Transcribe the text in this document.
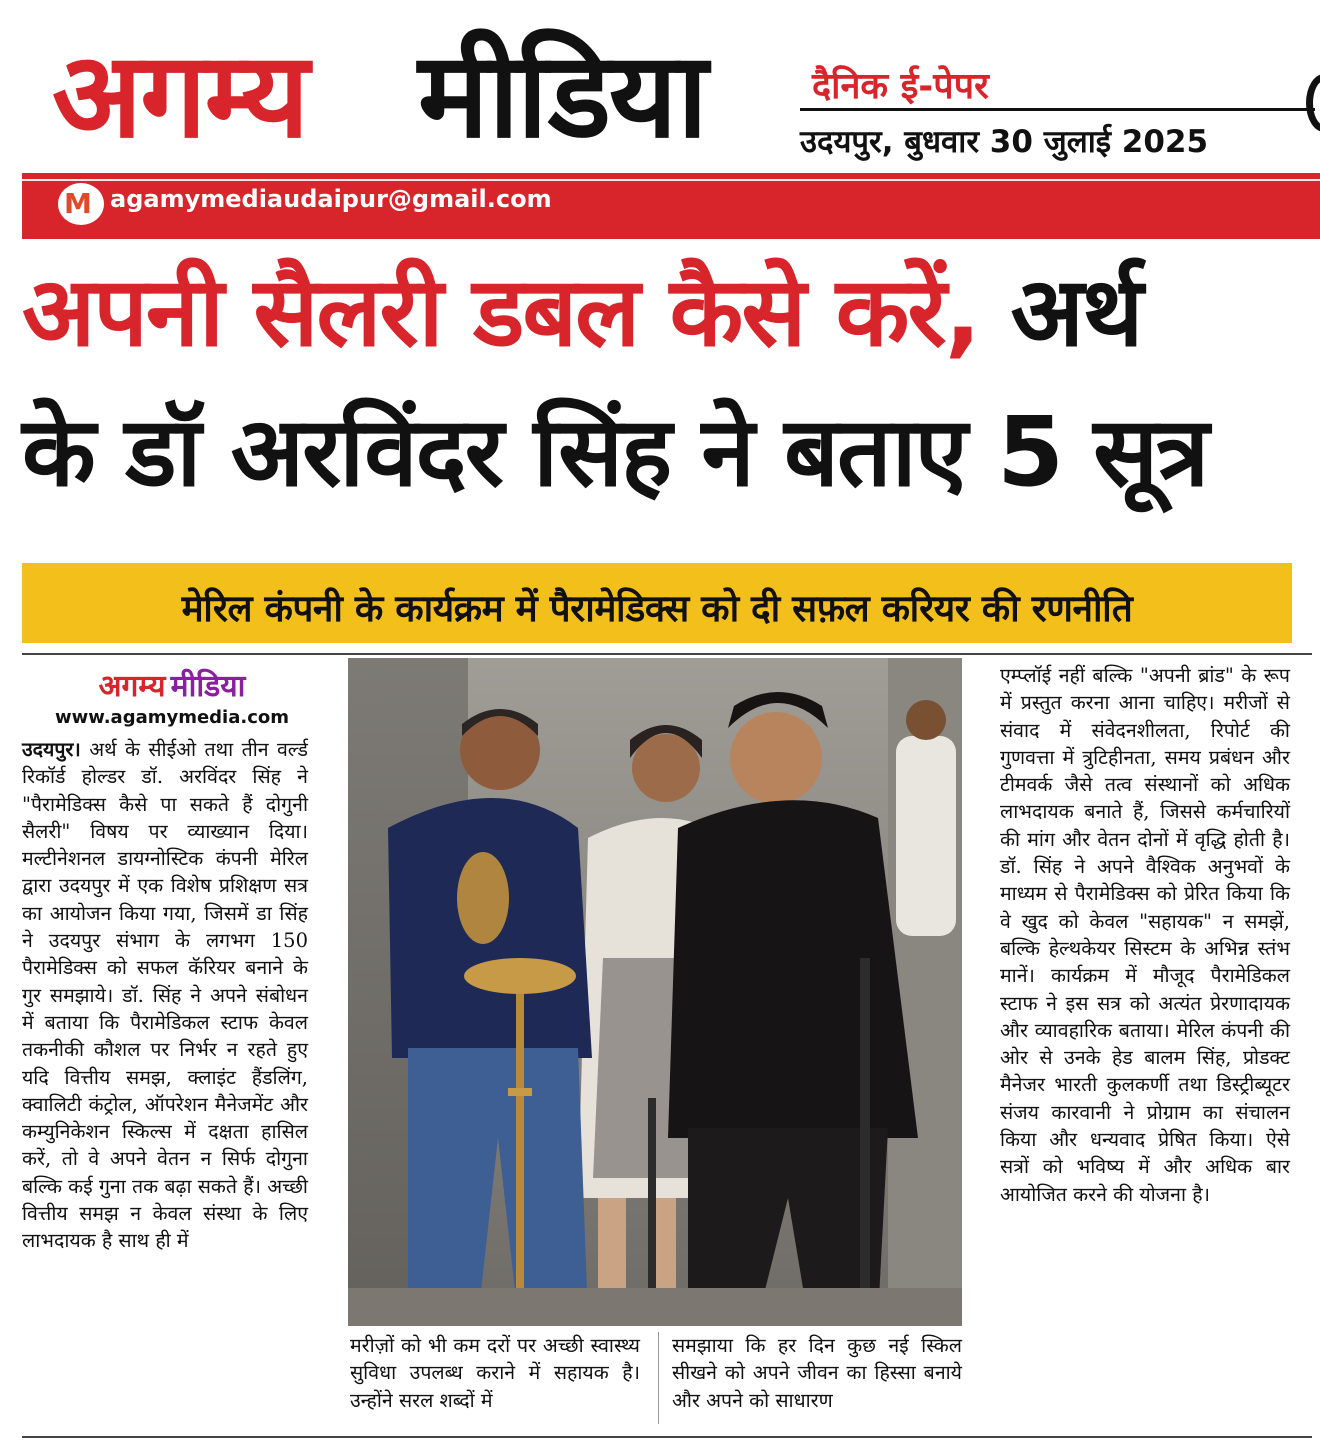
अगम्य मीडिया	दैनिक ई-पेपर
उदयपुर, बुधवार 30 जुलाई 2025
M agamymediaudaipur@gmail.com
अपनी सैलरी डबल कैसे करें, अर्थ
के डॉ अरविंदर सिंह ने बताए 5 सूत्र
मेरिल कंपनी के कार्यक्रम में पैरामेडिक्स को दी सफ़ल करियर की रणनीति
अगम्य मीडिया
www.agamymedia.com
उदयपुर। अर्थ के सीईओ तथा तीन वर्ल्ड रिकॉर्ड होल्डर डॉ. अरविंदर सिंह ने "पैरामेडिक्स कैसे पा सकते हैं दोगुनी सैलरी" विषय पर व्याख्यान दिया। मल्टीनेशनल डायग्नोस्टिक कंपनी मेरिल द्वारा उदयपुर में एक विशेष प्रशिक्षण सत्र का आयोजन किया गया, जिसमें डा सिंह ने उदयपुर संभाग के लगभग 150 पैरामेडिक्स को सफल कॅरियर बनाने के गुर समझाये। डॉ. सिंह ने अपने संबोधन में बताया कि पैरामेडिकल स्टाफ केवल तकनीकी कौशल पर निर्भर न रहते हुए यदि वित्तीय समझ, क्लाइंट हैंडलिंग, क्वालिटी कंट्रोल, ऑपरेशन मैनेजमेंट और कम्युनिकेशन स्किल्स में दक्षता हासिल करें, तो वे अपने वेतन न सिर्फ दोगुना बल्कि कई गुना तक बढ़ा सकते हैं। अच्छी वित्तीय समझ न केवल संस्था के लिए लाभदायक है साथ ही में
मरीज़ों को भी कम दरों पर अच्छी स्वास्थ्य सुविधा उपलब्ध कराने में सहायक है। उन्होंने सरल शब्दों में
समझाया कि हर दिन कुछ नई स्किल सीखने को अपने जीवन का हिस्सा बनाये और अपने को साधारण
एम्प्लॉई नहीं बल्कि "अपनी ब्रांड" के रूप में प्रस्तुत करना आना चाहिए। मरीजों से संवाद में संवेदनशीलता, रिपोर्ट की गुणवत्ता में त्रुटिहीनता, समय प्रबंधन और टीमवर्क जैसे तत्व संस्थानों को अधिक लाभदायक बनाते हैं, जिससे कर्मचारियों की मांग और वेतन दोनों में वृद्धि होती है। डॉ. सिंह ने अपने वैश्विक अनुभवों के माध्यम से पैरामेडिक्स को प्रेरित किया कि वे खुद को केवल "सहायक" न समझें, बल्कि हेल्थकेयर सिस्टम के अभिन्न स्तंभ मानें। कार्यक्रम में मौजूद पैरामेडिकल स्टाफ ने इस सत्र को अत्यंत प्रेरणादायक और व्यावहारिक बताया। मेरिल कंपनी की ओर से उनके हेड बालम सिंह, प्रोडक्ट मैनेजर भारती कुलकर्णी तथा डिस्ट्रीब्यूटर संजय कारवानी ने प्रोग्राम का संचालन किया और धन्यवाद प्रेषित किया। ऐसे सत्रों को भविष्य में और अधिक बार आयोजित करने की योजना है।
